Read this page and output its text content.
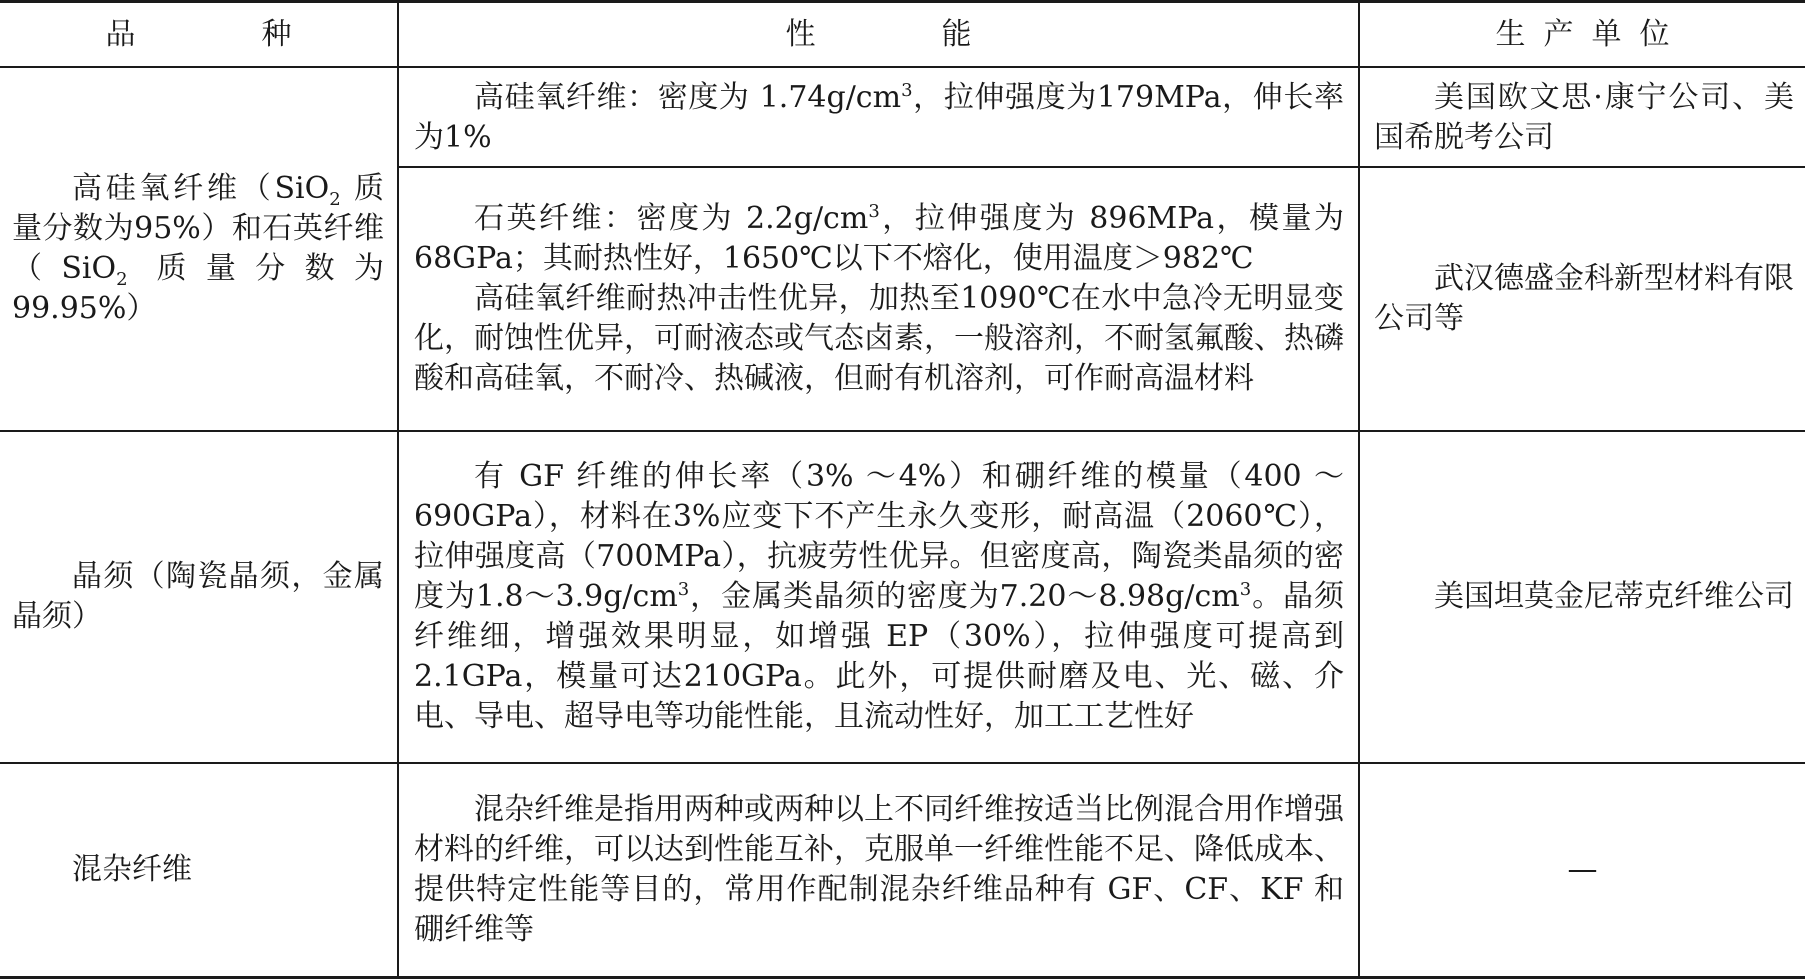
品　种	性　能	生产单位
高硅氧纤维（SiO$_2$ 质量分数为95%）和石英纤维（SiO$_2$ 质量分数为99.95%）

高硅氧纤维：密度为 $1.74g/cm^3$，拉伸强度为179MPa，伸长率为1%

美国欧文思·康宁公司、美国希脱考公司

石英纤维：密度为 $2.2g/cm^3$，拉伸强度为 896MPa，模量为68GPa；其耐热性好，1650℃以下不熔化，使用温度＞982℃

高硅氧纤维耐热冲击性优异，加热至1090℃在水中急冷无明显变化，耐蚀性优异，可耐液态或气态卤素，一般溶剂，不耐氢氟酸、热磷酸和高硅氧，不耐冷、热碱液，但耐有机溶剂，可作耐高温材料

武汉德盛金科新型材料有限公司等

晶须（陶瓷晶须，金属晶须）

有 GF 纤维的伸长率（3% ～4%）和硼纤维的模量（400 ～690GPa），材料在3%应变下不产生永久变形，耐高温（2060℃），拉伸强度高（700MPa），抗疲劳性优异。但密度高，陶瓷类晶须的密度为$1.8\sim 3.9g/cm^3$，金属类晶须的密度为$7.20\sim 8.98g/cm^3$。晶须纤维细，增强效果明显，如增强 EP（30%），拉伸强度可提高到2.1GPa，模量可达210GPa。此外，可提供耐磨及电、光、磁、介电、导电、超导电等功能性能，且流动性好，加工工艺性好

美国坦莫金尼蒂克纤维公司

混杂纤维

混杂纤维是指用两种或两种以上不同纤维按适当比例混合用作增强材料的纤维，可以达到性能互补，克服单一纤维性能不足、降低成本、提供特定性能等目的，常用作配制混杂纤维品种有 GF、CF、KF 和硼纤维等

—
